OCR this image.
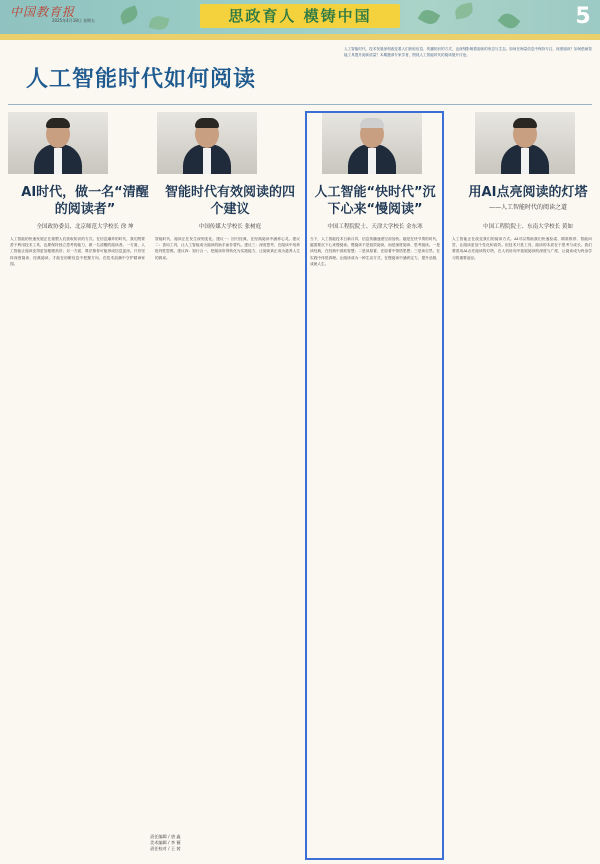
中国教育报
2025年4月18日 星期五	思政育人 模铸中国	5
人工智能时代如何阅读
人工智能时代，技术发展深刻改变着人们获取信息、传播知识的方式，也深刻影响着阅读的形态与生态。如何在海量信息中保持专注、深度阅读？如何借助智能工具提升阅读质量？本期邀请专家学者，围绕人工智能时代的阅读展开讨论。
AI时代，做一名“清醒的阅读者”
全国政协委员、北京师范大学校长 徐 坤
人工智能的快速发展正在重塑人们获取知识的方式。在信息爆炸的时代，我们既要善于利用技术工具，也要保持独立思考的能力，做一名清醒的阅读者。一方面，人工智能让阅读变得更加便捷高效；另一方面，算法推荐可能形成信息茧房。只有坚持深度阅读、经典阅读，才能在纷繁信息中把握方向，在技术浪潮中守护精神家园。
智能时代有效阅读的四个建议
中国传媒大学校长 张树庭
智能时代，阅读正在发生深刻变化。建议一：回归经典，在经典阅读中涵养心灵。建议二：善用工具，让人工智能成为阅读的助手而非替代。建议三：深度思考，在阅读中培养批判性思维。建议四：知行合一，把阅读所得转化为实践能力，让阅读真正成为滋养人生的源泉。
人工智能“快时代”沉下心来“慢阅读”
中国工程院院士、天津大学校长 金东寒
当下，人工智能技术日新月异，信息传播速度空前加快。越是在快节奏的时代，越需要沉下心来慢阅读。慢阅读不是低效阅读，而是深度阅读、思考阅读。一是读经典，在经典中汲取智慧；二是读原著，在原著中领悟思想；三是读自然，在实践中体悟真理。让阅读成为一种生活方式，在慢阅读中涵养定力，提升品格，成就人生。
用AI点亮阅读的灯塔
——人工智能时代的阅读之道
中国工程院院士、东南大学校长 黄如
人工智能正在改变我们的阅读方式。AI可以帮助我们快速检索、精准推荐、智能问答，让阅读更加个性化和高效。但技术只是工具，阅读的本质在于思考与成长。我们要善用AI点亮阅读的灯塔，在人机协同中拓展阅读的深度与广度，让阅读成为终身学习的重要途径。
责任编辑 / 唐 鑫
美术编辑 / 李 薇
责任校对 / 王 茜
